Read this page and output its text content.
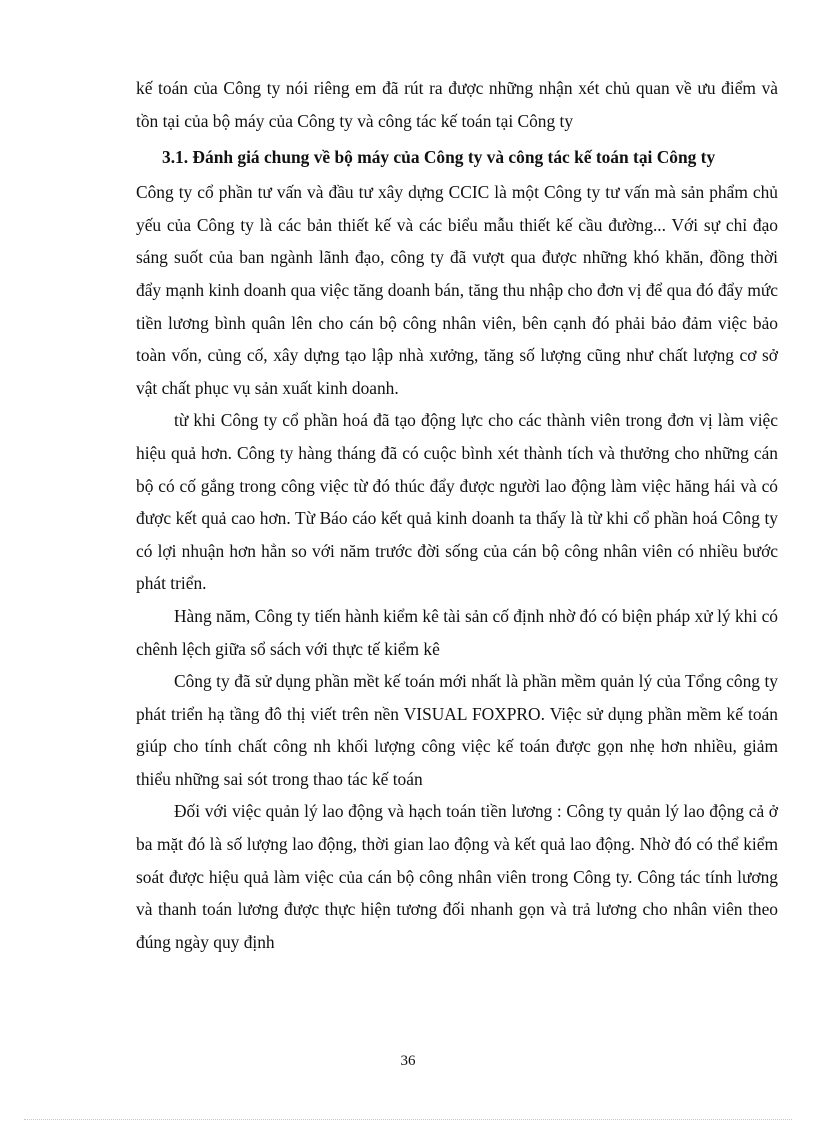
kế toán của Công ty nói riêng em đã rút ra được những nhận xét chủ quan về ưu điểm và tồn tại của bộ máy của Công ty và công tác kế toán tại Công ty

3.1. Đánh giá chung về bộ máy của Công ty và công tác kế toán tại Công ty

Công ty cổ phần tư vấn và đầu tư xây dựng CCIC là một Công ty tư vấn mà sản phẩm chủ yếu của Công ty là các bản thiết kế và các biểu mẫu thiết kế cầu đường... Với sự chỉ đạo sáng suốt của ban ngành lãnh đạo, công ty đã vượt qua được những khó khăn, đồng thời đẩy mạnh kinh doanh qua việc tăng doanh bán, tăng thu nhập cho đơn vị để qua đó đẩy mức tiền lương bình quân lên cho cán bộ công nhân viên, bên cạnh đó phải bảo đảm việc bảo toàn vốn, củng cố, xây dựng tạo lập nhà xưởng, tăng số lượng cũng như chất lượng cơ sở vật chất phục vụ sản xuất kinh doanh.

từ khi Công ty cổ phần hoá đã tạo động lực cho các thành viên trong đơn vị làm việc hiệu quả hơn. Công ty hàng tháng đã có cuộc bình xét thành tích và thưởng cho những cán bộ có cố gắng trong công việc từ đó thúc đẩy được người lao động làm việc hăng hái và có được kết quả cao hơn. Từ Báo cáo kết quả kinh doanh ta thấy là từ khi cổ phần hoá Công ty có lợi nhuận hơn hẳn so với năm trước đời sống của cán bộ công nhân viên có nhiều bước phát triển.

Hàng năm, Công ty tiến hành kiểm kê tài sản cố định nhờ đó có biện pháp xử lý khi có chênh lệch giữa sổ sách với thực tế kiểm kê

Công ty đã sử dụng phần mềt kế toán mới nhất là phần mềm quản lý của Tổng công ty phát triển hạ tầng đô thị viết trên nền VISUAL FOXPRO. Việc sử dụng phần mềm kế toán giúp cho tính chất công nh khối lượng công việc kế toán được gọn nhẹ hơn nhiều, giảm thiểu những sai sót trong thao tác kế toán

Đối với việc quản lý lao động và hạch toán tiền lương : Công ty quản lý lao động cả ở ba mặt đó là số lượng lao động, thời gian lao động và kết quả lao động. Nhờ đó có thể kiểm soát được hiệu quả làm việc của cán bộ công nhân viên trong Công ty. Công tác tính lương và thanh toán lương được thực hiện tương đối nhanh gọn và trả lương cho nhân viên theo đúng ngày quy định

36
